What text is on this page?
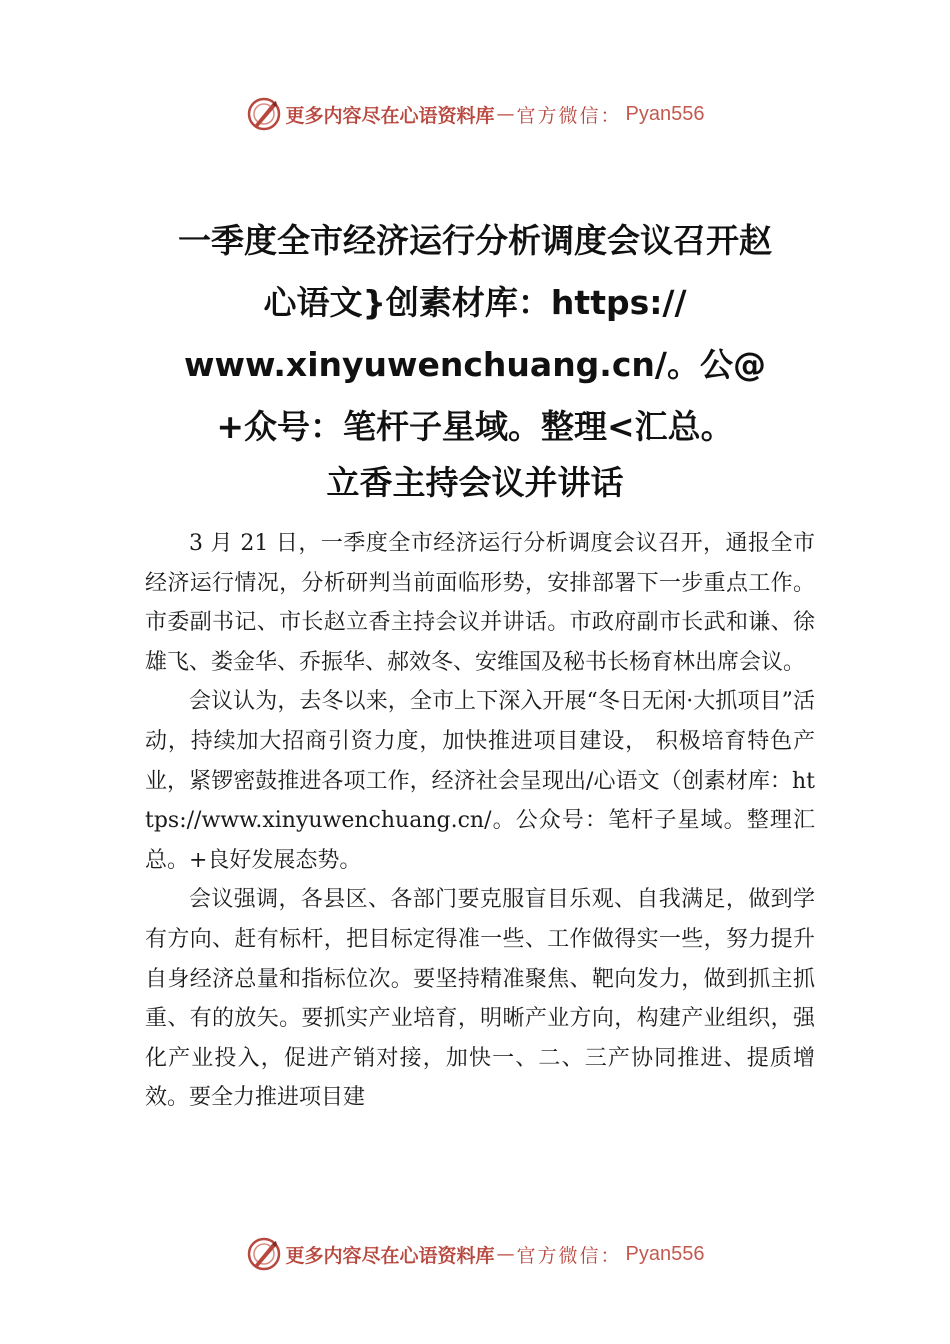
更多内容尽在心语资料库 — 官方微信： Pyan556
一季度全市经济运行分析调度会议召开赵
心语文}创素材库：https://
www.xinyuwenchuang.cn/。公@
+众号：笔杆子星域。整理<汇总。
立香主持会议并讲话

3 月 21 日，一季度全市经济运行分析调度会议召开，通报全市经济运行情况，分析研判当前面临形势，安排部署下一步重点工作。市委副书记、市长赵立香主持会议并讲话。市政府副市长武和谦、徐雄飞、娄金华、乔振华、郝效冬、安维国及秘书长杨育林出席会议。

会议认为，去冬以来，全市上下深入开展“冬日无闲·大抓项目”活动，持续加大招商引资力度，加快推进项目建设， 积极培育特色产业，紧锣密鼓推进各项工作，经济社会呈现出/心语文（创素材库：https://www.xinyuwenchuang.cn/。公众号：笔杆子星域。整理汇总。+良好发展态势。

会议强调，各县区、各部门要克服盲目乐观、自我满足，做到学有方向、赶有标杆，把目标定得准一些、工作做得实一些，努力提升自身经济总量和指标位次。要坚持精准聚焦、靶向发力，做到抓主抓重、有的放矢。要抓实产业培育，明晰产业方向，构建产业组织，强化产业投入，促进产销对接，加快一、二、三产协同推进、提质增效。要全力推进项目建

更多内容尽在心语资料库 — 官方微信： Pyan556
